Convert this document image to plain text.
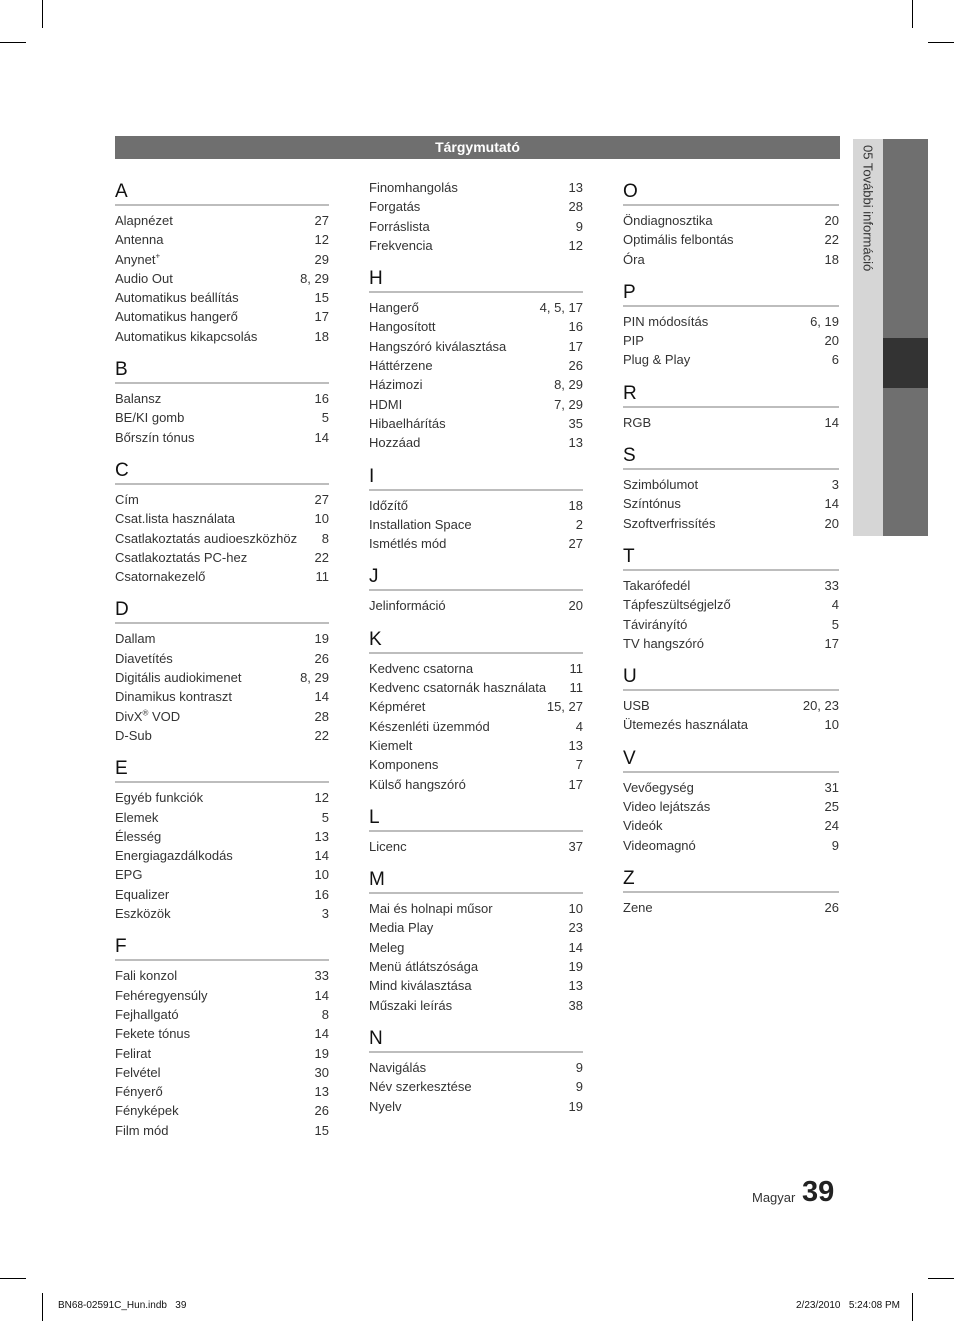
05 További információ
Tárgymutató
A
Alapnézet	27
Antenna	12
Anynet+	29
Audio Out	8, 29
Automatikus beállítás	15
Automatikus hangerő	17
Automatikus kikapcsolás	18
B
Balansz	16
BE/KI gomb	5
Bőrszín tónus	14
C
Cím	27
Csat.lista használata	10
Csatlakoztatás audioeszközhöz 8
Csatlakoztatás PC-hez	22
Csatornakezelő	11
D
Dallam	19
Diavetítés	26
Digitális audiokimenet	8, 29
Dinamikus kontraszt	14
DivX® VOD	28
D-Sub	22
E
Egyéb funkciók	12
Elemek	5
Élesség	13
Energiagazdálkodás	14
EPG	10
Equalizer	16
Eszközök	3
F
Fali konzol	33
Fehéregyensúly	14
Fejhallgató	8
Fekete tónus	14
Felirat	19
Felvétel	30
Fényerő	13
Fényképek	26
Film mód	15
Finomhangolás	13
Forgatás	28
Forráslista	9
Frekvencia	12
H
Hangerő	4, 5, 17
Hangosított	16
Hangszóró kiválasztása	17
Háttérzene	26
Házimozi	8, 29
HDMI	7, 29
Hibaelhárítás	35
Hozzáad	13
I
Időzítő	18
Installation Space	2
Ismétlés mód	27
J
Jelinformáció	20
K
Kedvenc csatorna	11
Kedvenc csatornák használata 11
Képméret	15, 27
Készenléti üzemmód	4
Kiemelt	13
Komponens	7
Külső hangszóró	17
L
Licenc	37
M
Mai és holnapi műsor	10
Media Play	23
Meleg	14
Menü átlátszósága	19
Mind kiválasztása	13
Műszaki leírás	38
N
Navigálás	9
Név szerkesztése	9
Nyelv	19
O
Öndiagnosztika	20
Optimális felbontás	22
Óra	18
P
PIN módosítás	6, 19
PIP	20
Plug & Play	6
R
RGB	14
S
Szimbólumot	3
Színtónus	14
Szoftverfrissítés	20
T
Takarófedél	33
Tápfeszültségjelző	4
Távirányító	5
TV hangszóró	17
U
USB	20, 23
Ütemezés használata	10
V
Vevőegység	31
Video lejátszás	25
Videók	24
Videomagnó	9
Z
Zene	26
Magyar 39
BN68-02591C_Hun.indb   39	2/23/2010   5:24:08 PM
